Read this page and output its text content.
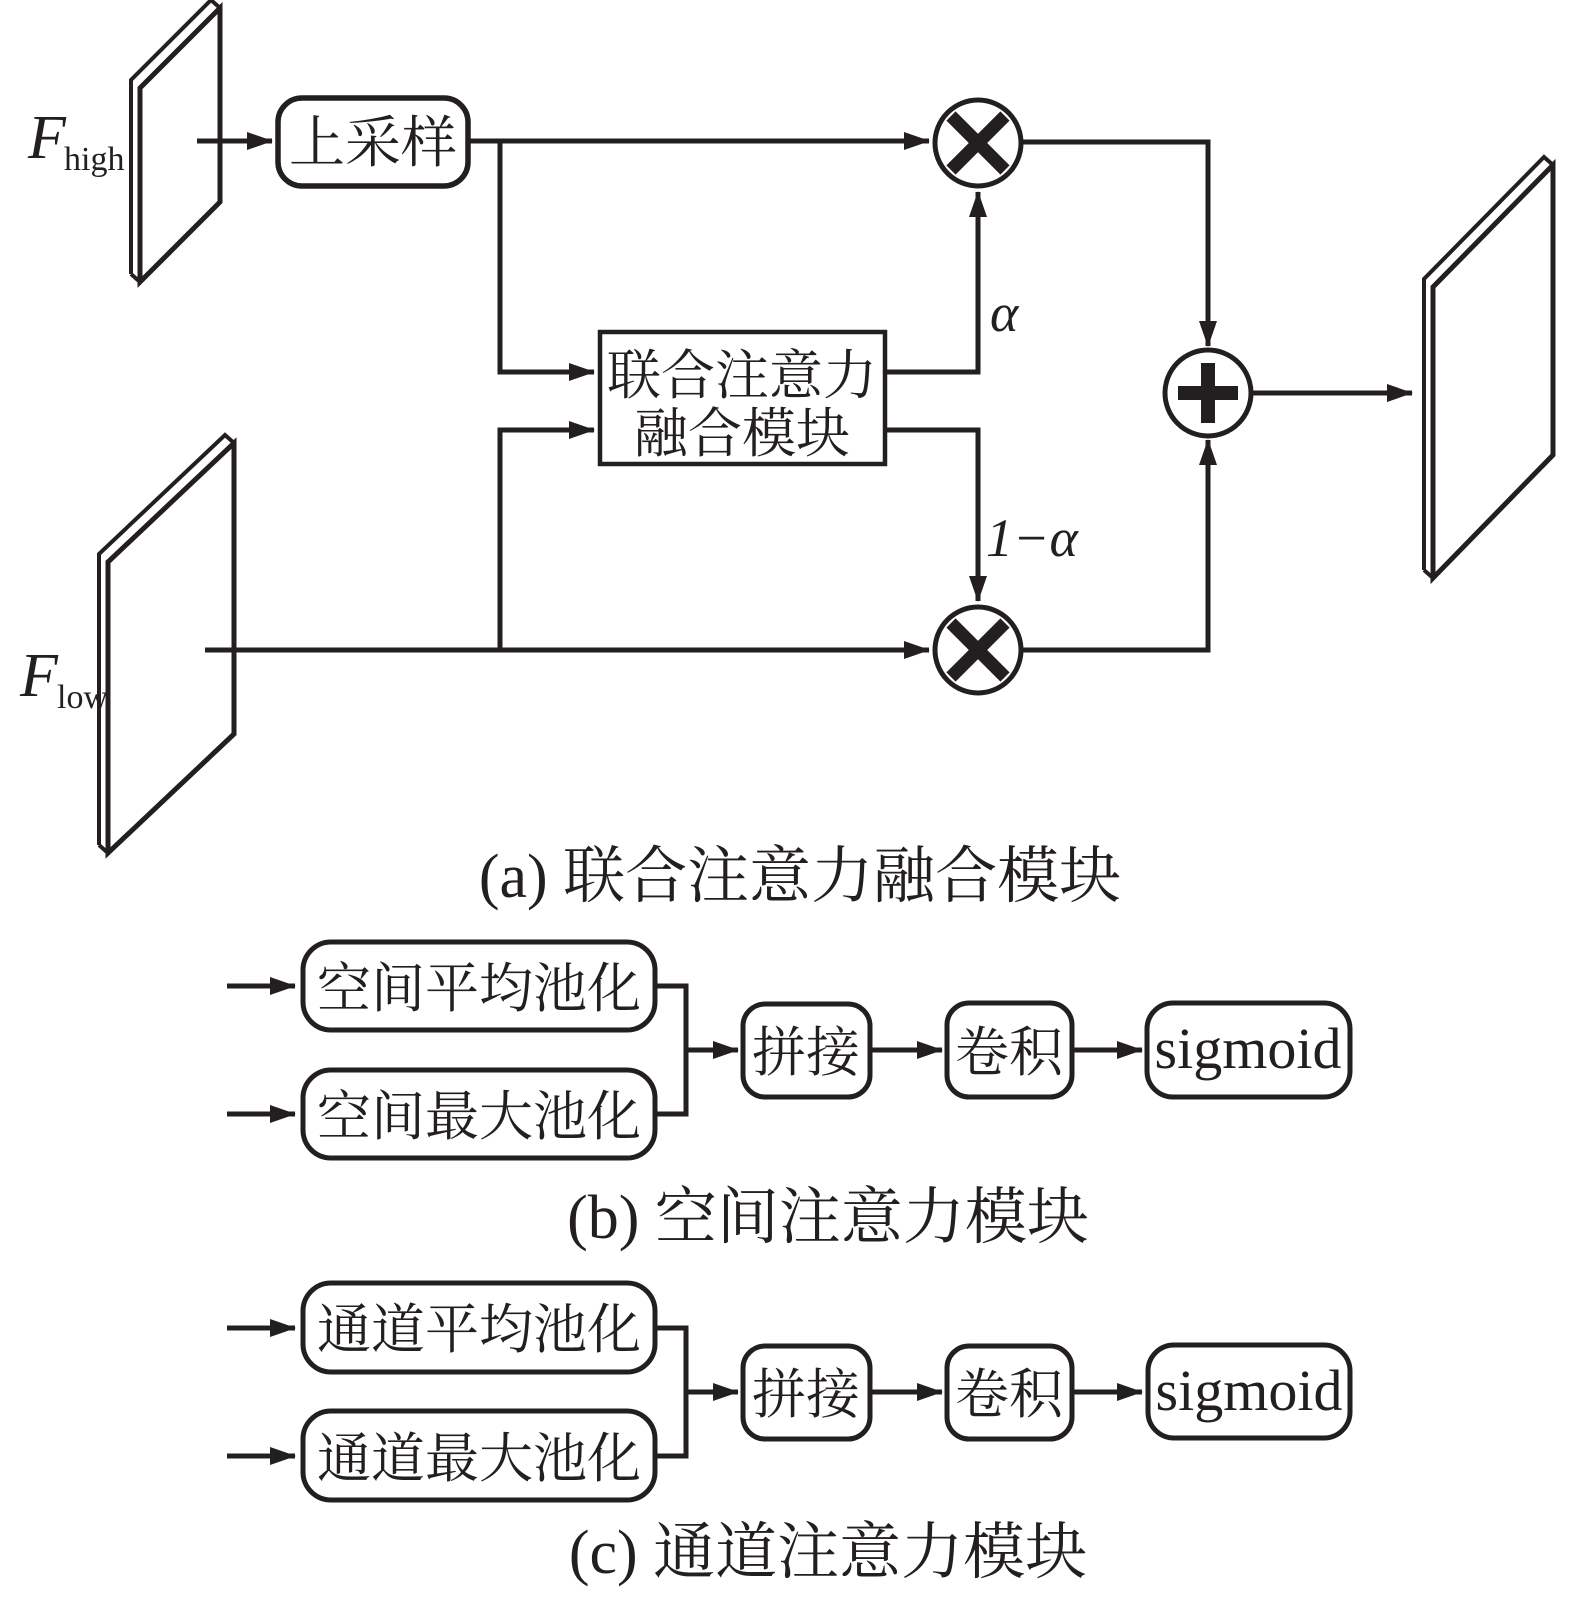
上采样
联合注意力
融合模块
F
high
F low
α
1−α
(a) 联合注意力融合模块
空间平均池化
空间最大池化
拼接 卷积 sigmoid
(b) 空间注意力模块
通道平均池化
通道最大池化
拼接 卷积 sigmoid
(c) 通道注意力模块
